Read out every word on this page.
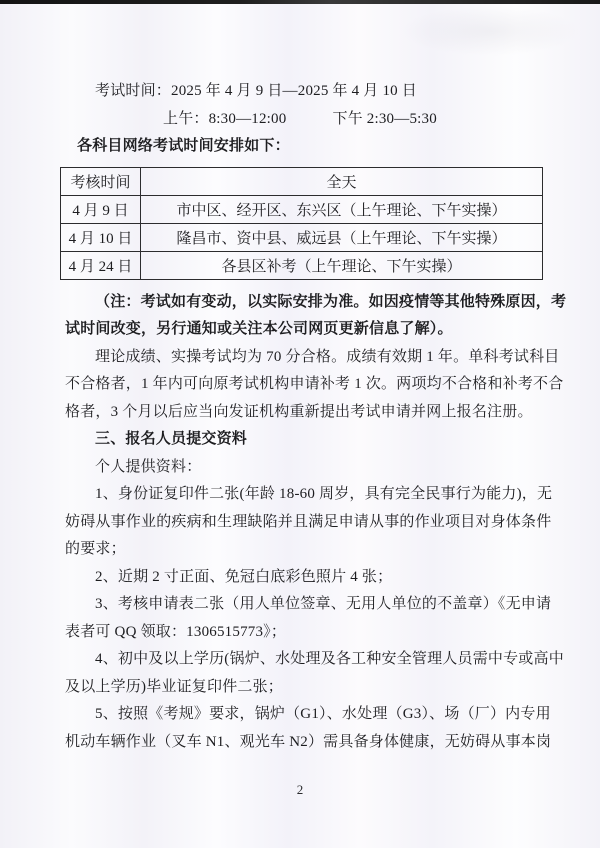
考试时间：2025 年 4 月 9 日—2025 年 4 月 10 日
上午：8:30—12:00	下午 2:30—5:30
各科目网络考试时间安排如下：
考核时间	全天
4 月 9 日	市中区、经开区、东兴区（上午理论、下午实操）
4 月 10 日	隆昌市、资中县、威远县（上午理论、下午实操）
4 月 24 日	各县区补考（上午理论、下午实操）
（注：考试如有变动，以实际安排为准。如因疫情等其他特殊原因，考
试时间改变，另行通知或关注本公司网页更新信息了解）。
理论成绩、实操考试均为 70 分合格。成绩有效期 1 年。单科考试科目
不合格者，1 年内可向原考试机构申请补考 1 次。两项均不合格和补考不合
格者，3 个月以后应当向发证机构重新提出考试申请并网上报名注册。
三、报名人员提交资料
个人提供资料：
1、身份证复印件二张(年龄 18-60 周岁，具有完全民事行为能力)，无
妨碍从事作业的疾病和生理缺陷并且满足申请从事的作业项目对身体条件
的要求；
2、近期 2 寸正面、免冠白底彩色照片 4 张；
3、考核申请表二张（用人单位签章、无用人单位的不盖章）《无申请
表者可 QQ 领取：1306515773》；
4、初中及以上学历(锅炉、水处理及各工种安全管理人员需中专或高中
及以上学历)毕业证复印件二张；
5、按照《考规》要求，锅炉（G1）、水处理（G3）、场（厂）内专用
机动车辆作业（叉车 N1、观光车 N2）需具备身体健康，无妨碍从事本岗
2
